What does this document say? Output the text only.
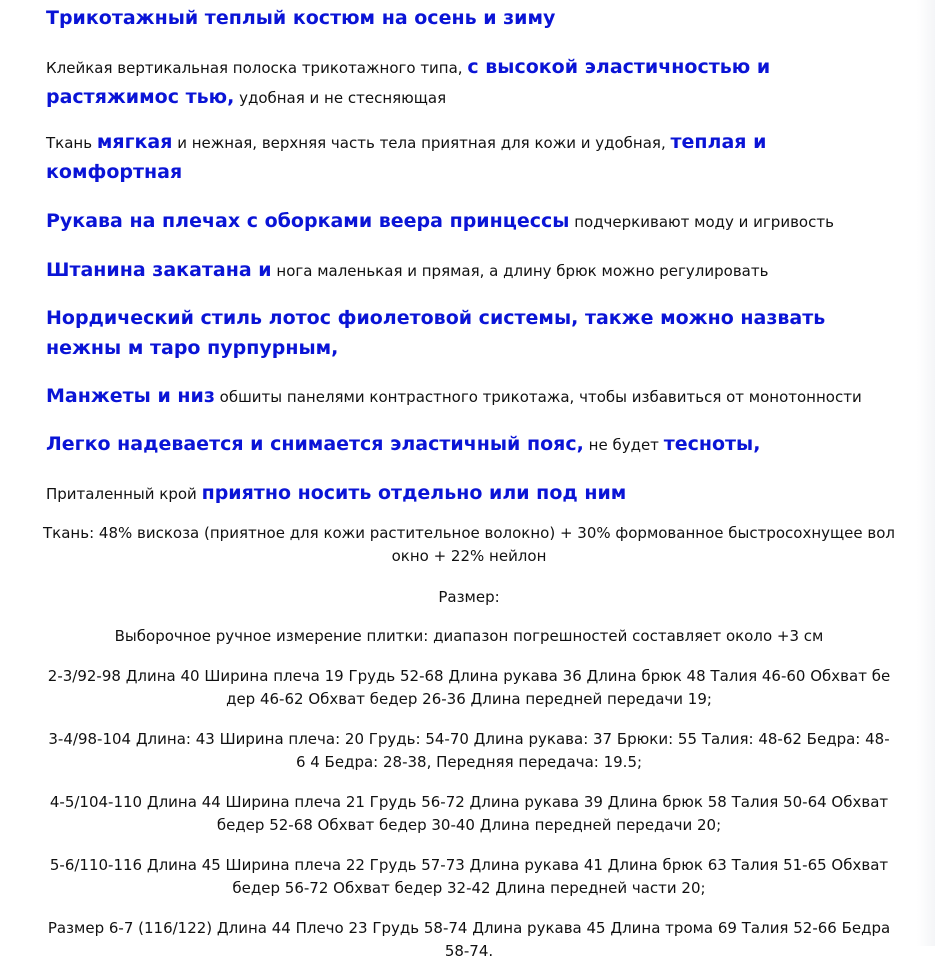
Трикотажный теплый костюм на осень и зиму

Клейкая вертикальная полоска трикотажного типа, с высокой эластичностью и растяжимос тью, удобная и не стесняющая

Ткань мягкая и нежная, верхняя часть тела приятная для кожи и удобная, теплая и комфортная

Рукава на плечах с оборками веера принцессы подчеркивают моду и игривость

Штанина закатана и нога маленькая и прямая, а длину брюк можно регулировать

Нордический стиль лотос фиолетовой системы, также можно назвать нежны м таро пурпурным,

Манжеты и низ обшиты панелями контрастного трикотажа, чтобы избавиться от монотонности

Легко надевается и снимается эластичный пояс, не будет тесноты,

Приталенный крой приятно носить отдельно или под ним

Ткань: 48% вискоза (приятное для кожи растительное волокно) + 30% формованное быстросохнущее вол окно + 22% нейлон

Размер:

Выборочное ручное измерение плитки: диапазон погрешностей составляет около +3 см

2-3/92-98 Длина 40 Ширина плеча 19 Грудь 52-68 Длина рукава 36 Длина брюк 48 Талия 46-60 Обхват бе дер 46-62 Обхват бедер 26-36 Длина передней передачи 19;

3-4/98-104 Длина: 43 Ширина плеча: 20 Грудь: 54-70 Длина рукава: 37 Брюки: 55 Талия: 48-62 Бедра: 48-6 4 Бедра: 28-38, Передняя передача: 19.5;

4-5/104-110 Длина 44 Ширина плеча 21 Грудь 56-72 Длина рукава 39 Длина брюк 58 Талия 50-64 Обхват бедер 52-68 Обхват бедер 30-40 Длина передней передачи 20;

5-6/110-116 Длина 45 Ширина плеча 22 Грудь 57-73 Длина рукава 41 Длина брюк 63 Талия 51-65 Обхват бедер 56-72 Обхват бедер 32-42 Длина передней части 20;

Размер 6-7 (116/122) Длина 44 Плечо 23 Грудь 58-74 Длина рукава 45 Длина трома 69 Талия 52-66 Бедра 58-74.
